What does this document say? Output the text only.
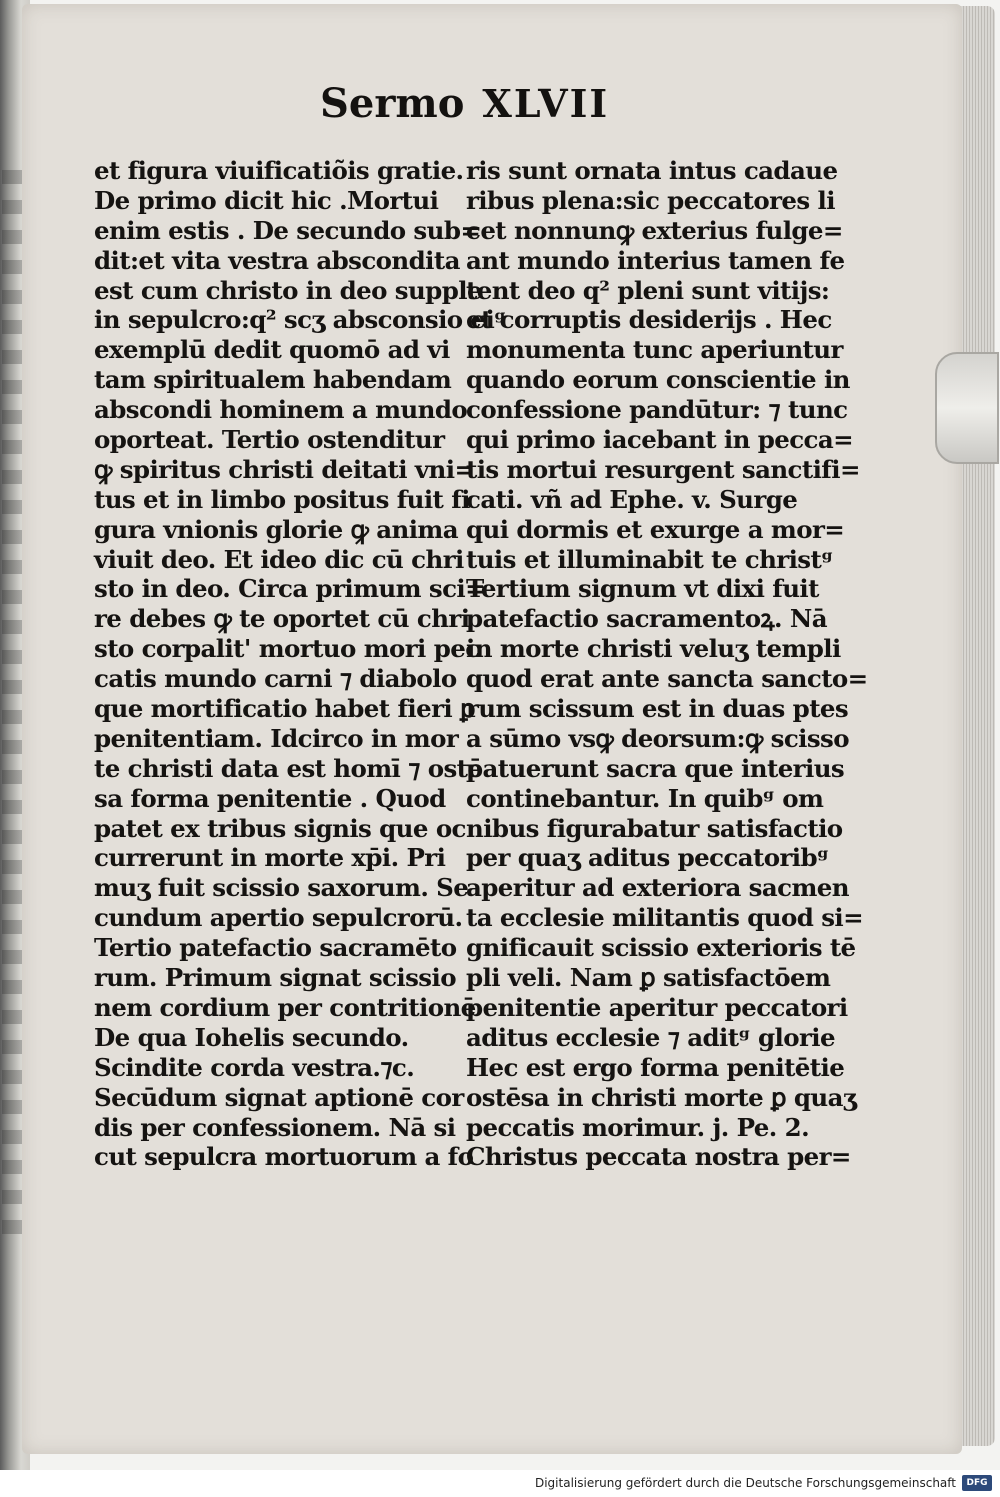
Sermo XLVII
et figura viuificatiõis gratie.
De primo dicit hic .Mortui
enim estis . De secundo sub=
dit:et vita vestra abscondita
est cum christo in deo supple
in sepulcro:q² scʒ absconsio eiᵍ
exemplū dedit quomō ad vi
tam spiritualem habendam
abscondi hominem a mundo
oporteat. Tertio ostenditur
ꝙ spiritus christi deitati vni=
tus et in limbo positus fuit fi
gura vnionis glorie ꝙ anima
viuit deo. Et ideo dic cū chri
sto in deo. Circa primum sci=
re debes ꝙ te oportet cū chri
sto corpalit' mortuo mori pec
catis mundo carni ⁊ diabolo
que mortificatio habet fieri ꝑ
penitentiam. Idcirco in mor
te christi data est homī ⁊ ostē
sa forma penitentie . Quod
patet ex tribus signis que oc
currerunt in morte xp̄i. Pri
muʒ fuit scissio saxorum. Se
cundum apertio sepulcrorū.
Tertio patefactio sacramēto
rum. Primum signat scissio
nem cordium per contritionē
De qua Iohelis secundo.
Scindite corda vestra.⁊c.
Secūdum signat aptionē cor
dis per confessionem. Nā si
cut sepulcra mortuorum a fo
ris sunt ornata intus cadaue
ribus plena:sic peccatores li
cet nonnunꝙ exterius fulge=
ant mundo interius tamen fe
tent deo q² pleni sunt vitijs:
et corruptis desiderijs . Hec
monumenta tunc aperiuntur
quando eorum conscientie in
confessione pandūtur: ⁊ tunc
qui primo iacebant in pecca=
tis mortui resurgent sanctifi=
cati. vñ ad Ephe. v. Surge
qui dormis et exurge a mor=
tuis et illuminabit te christᵍ
Tertium signum vt dixi fuit
patefactio sacramentoꝝ. Nā
in morte christi veluʒ templi
quod erat ante sancta sancto=
rum scissum est in duas ptes
a sūmo vsꝙ deorsum:ꝙ scisso
patuerunt sacra que interius
continebantur. In quibᵍ om
nibus figurabatur satisfactio
per quaʒ aditus peccatoribᵍ
aperitur ad exteriora sacmen
ta ecclesie militantis quod si=
gnificauit scissio exterioris tē
pli veli. Nam ꝑ satisfactōem
penitentie aperitur peccatori
aditus ecclesie ⁊ aditᵍ glorie
Hec est ergo forma penitētie
ostēsa in christi morte ꝑ quaʒ
peccatis morimur. j. Pe. 2.
Christus peccata nostra per=
Digitalisierung gefördert durch die Deutsche Forschungsgemeinschaft	DFG
